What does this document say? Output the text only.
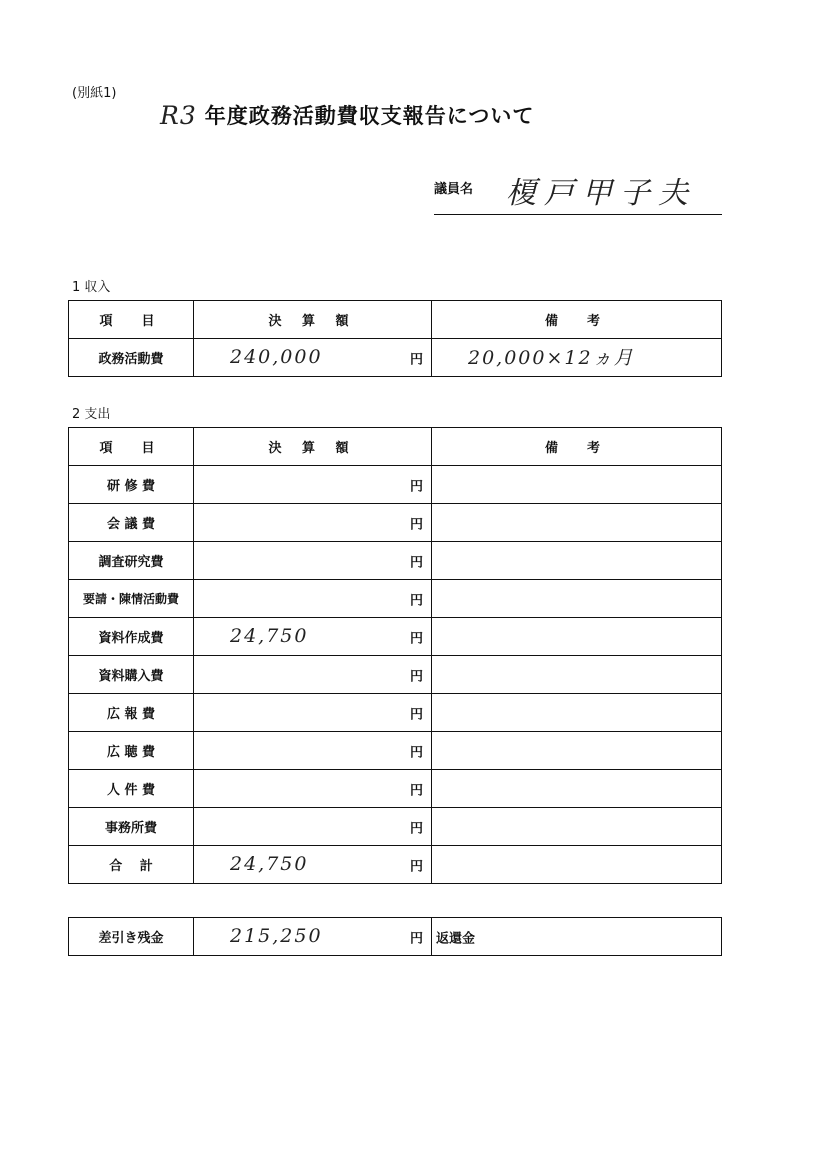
(別紙1)
R3 年度政務活動費収支報告について
議員名 榎戸甲子夫
1 収入
項　目	決 算 額	備　考
政務活動費	240,000 円	20,000×12ヵ月
2 支出
項　目	決 算 額	備　考
研 修 費	円	

会 議 費	円	

調査研究費	円	

要請・陳情活動費	円	

資料作成費	24,750 円	

資料購入費	円	

広 報 費	円	

広 聴 費	円	

人 件 費	円	

事務所費	円	

合　 計	24,750 円	

差引き残金	215,250	円	返還金
